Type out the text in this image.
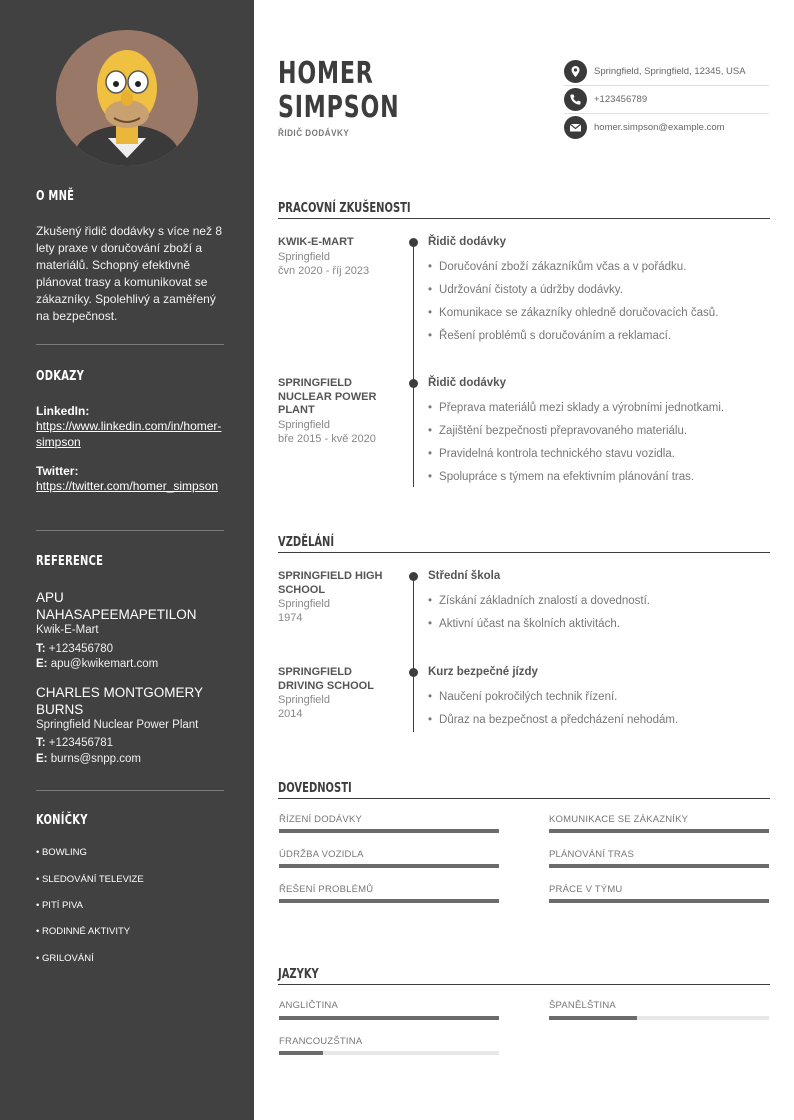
O MNĚ
Zkušený řidič dodávky s více než 8 lety praxe v doručování zboží a materiálů. Schopný efektivně plánovat trasy a komunikovat se zákazníky. Spolehlivý a zaměřený na bezpečnost.
ODKAZY
LinkedIn:
https://www.linkedin.com/in/homer-simpson
Twitter:
https://twitter.com/homer_simpson
REFERENCE
APU NAHASAPEEMAPETILON
Kwik-E-Mart
T: +123456780
E: apu@kwikemart.com
CHARLES MONTGOMERY BURNS
Springfield Nuclear Power Plant
T: +123456781
E: burns@snpp.com
KONÍČKY
• BOWLING
• SLEDOVÁNÍ TELEVIZE
• PITÍ PIVA
• RODINNÉ AKTIVITY
• GRILOVÁNÍ
HOMER
SIMPSON
ŘIDIČ DODÁVKY
Springfield, Springfield, 12345, USA
+123456789
homer.simpson@example.com
PRACOVNÍ ZKUŠENOSTI
KWIK-E-MART
Springfield
čvn 2020 - říj 2023
Řidič dodávky
• Doručování zboží zákazníkům včas a v pořádku.
• Udržování čistoty a údržby dodávky.
• Komunikace se zákazníky ohledně doručovacích časů.
• Řešení problémů s doručováním a reklamací.
SPRINGFIELD NUCLEAR POWER PLANT
Springfield
bře 2015 - kvě 2020
Řidič dodávky
• Přeprava materiálů mezi sklady a výrobními jednotkami.
• Zajištění bezpečnosti přepravovaného materiálu.
• Pravidelná kontrola technického stavu vozidla.
• Spolupráce s týmem na efektivním plánování tras.
VZDĚLÁNÍ
SPRINGFIELD HIGH SCHOOL
Springfield
1974
Střední škola
• Získání základních znalostí a dovedností.
• Aktivní účast na školních aktivitách.
SPRINGFIELD DRIVING SCHOOL
Springfield
2014
Kurz bezpečné jízdy
• Naučení pokročilých technik řízení.
• Důraz na bezpečnost a předcházení nehodám.
DOVEDNOSTI
ŘÍZENÍ DODÁVKY	KOMUNIKACE SE ZÁKAZNÍKY
ÚDRŽBA VOZIDLA	PLÁNOVÁNÍ TRAS
ŘEŠENÍ PROBLÉMŮ	PRÁCE V TÝMU
JAZYKY
ANGLIČTINA	ŠPANĚLŠTINA
FRANCOUZŠTINA
